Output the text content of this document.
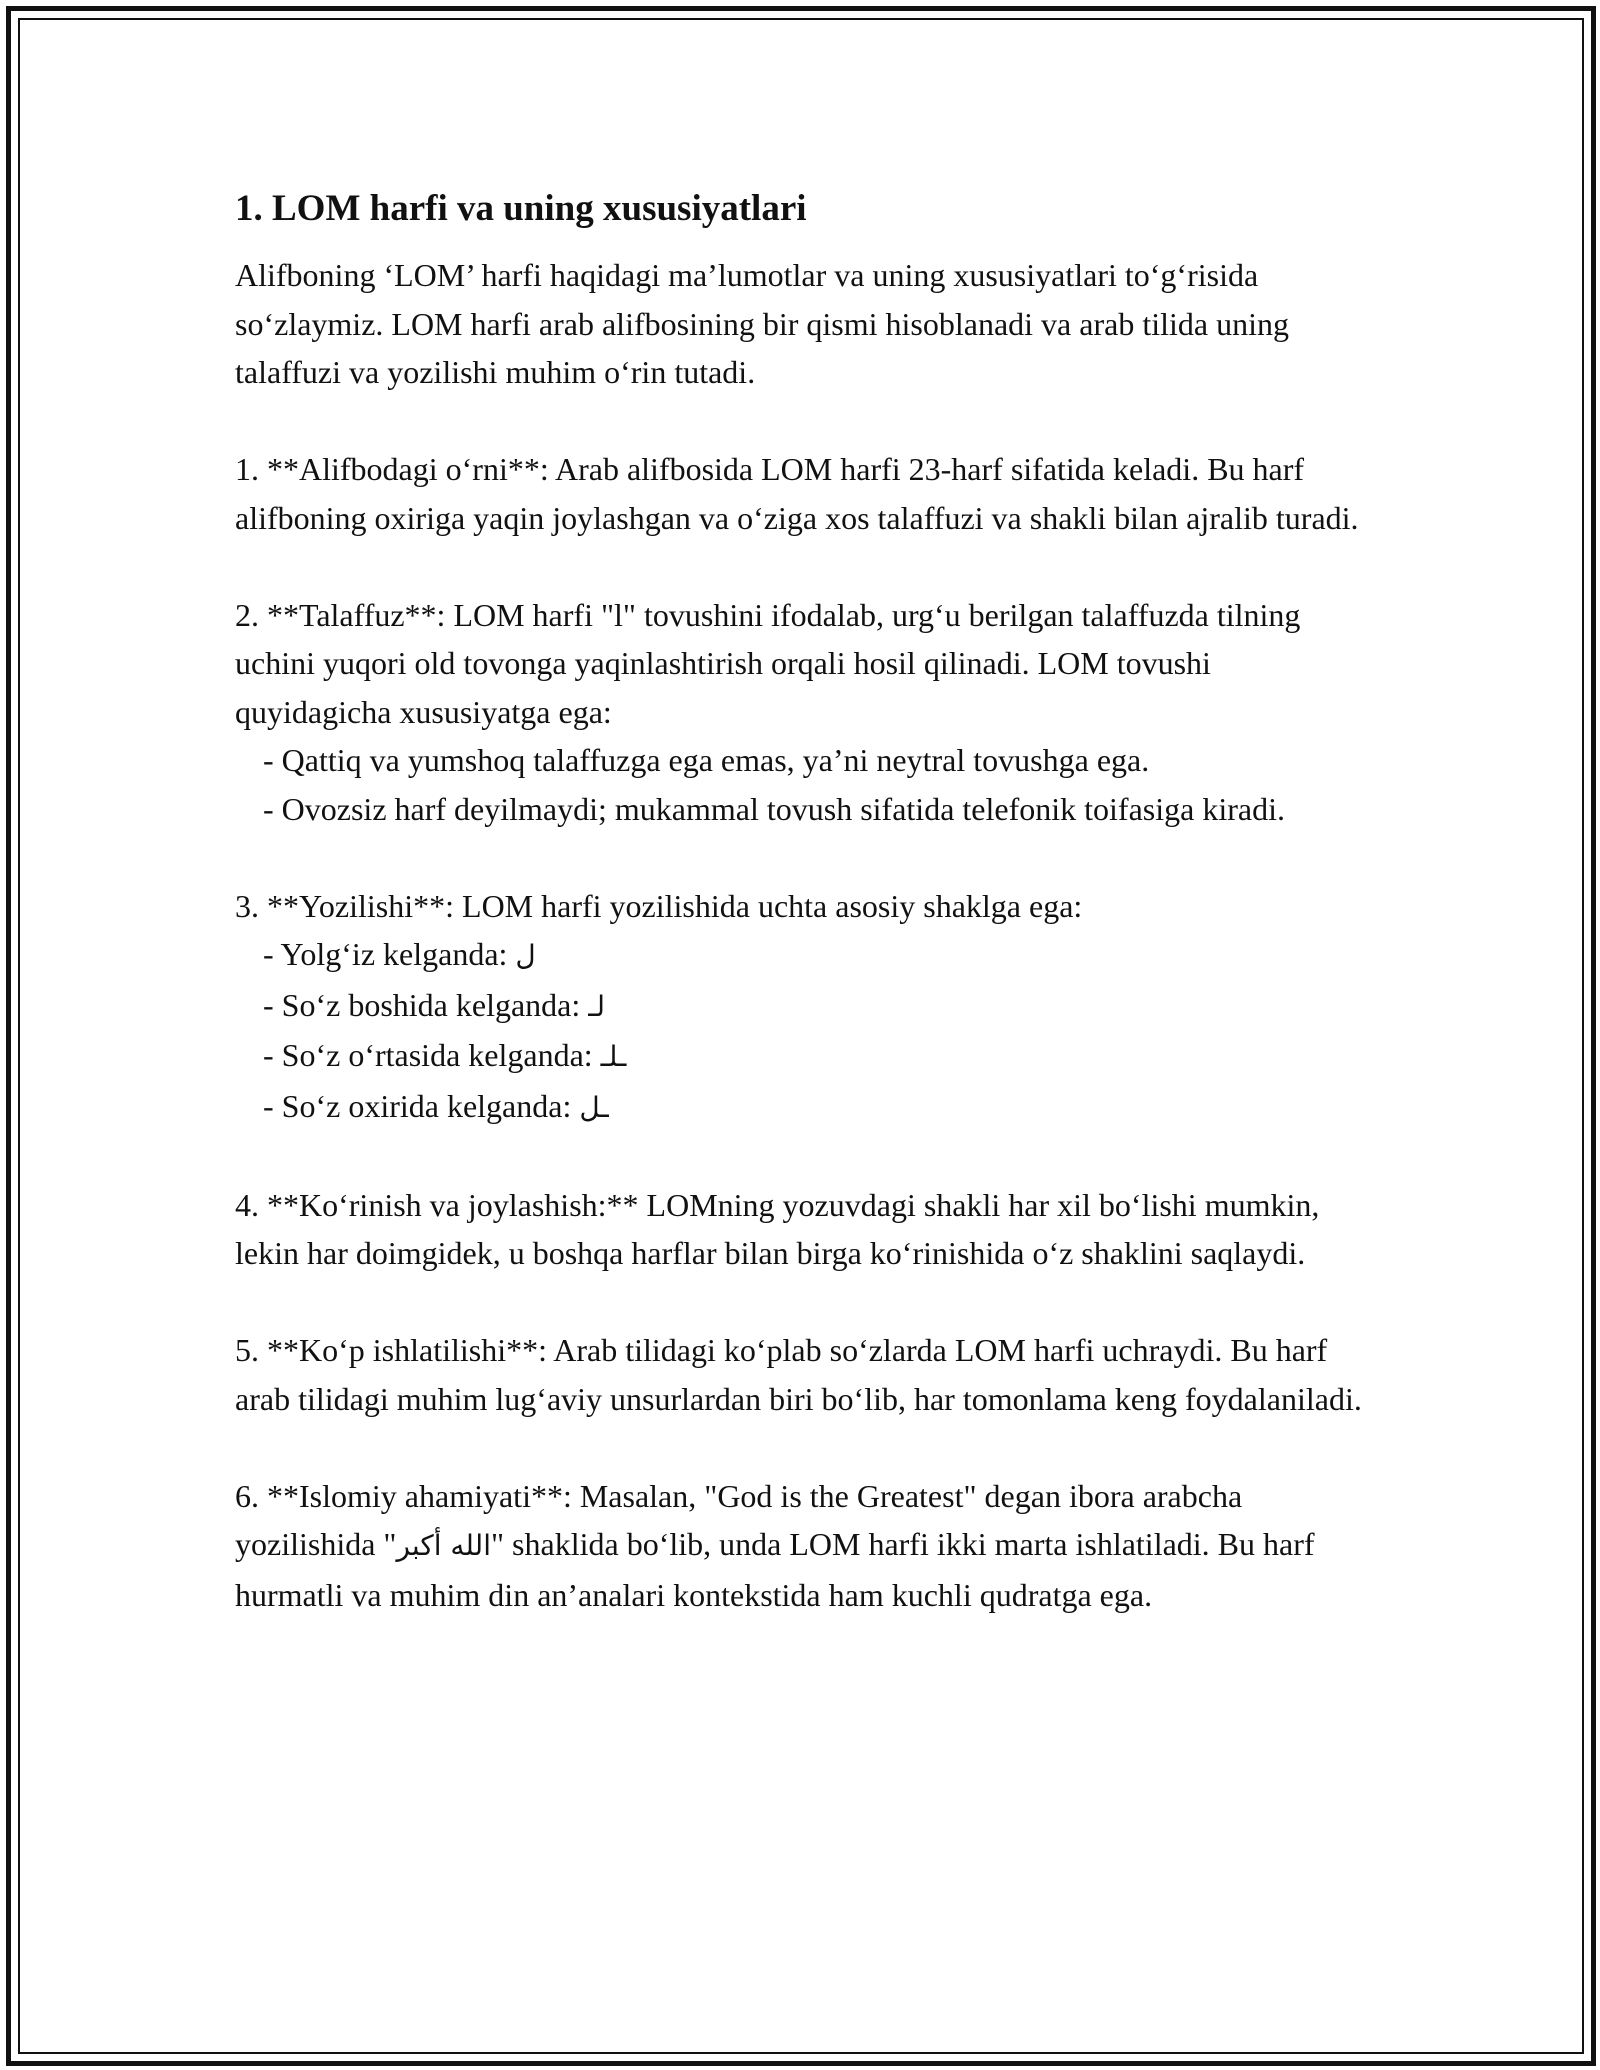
1. LOM harfi va uning xususiyatlari

Alifboning ‘LOM’ harfi haqidagi ma’lumotlar va uning xususiyatlari to‘g‘risida so‘zlaymiz. LOM harfi arab alifbosining bir qismi hisoblanadi va arab tilida uning talaffuzi va yozilishi muhim o‘rin tutadi.

1. **Alifbodagi o‘rni**: Arab alifbosida LOM harfi 23-harf sifatida keladi. Bu harf alifboning oxiriga yaqin joylashgan va o‘ziga xos talaffuzi va shakli bilan ajralib turadi.

2. **Talaffuz**: LOM harfi "l" tovushini ifodalab, urg‘u berilgan talaffuzda tilning uchini yuqori old tovonga yaqinlashtirish orqali hosil qilinadi. LOM tovushi quyidagicha xususiyatga ega:

- Qattiq va yumshoq talaffuzga ega emas, ya’ni neytral tovushga ega.

- Ovozsiz harf deyilmaydi; mukammal tovush sifatida telefonik toifasiga kiradi.

3. **Yozilishi**: LOM harfi yozilishida uchta asosiy shaklga ega:

- Yolg‘iz kelganda: ل

- So‘z boshida kelganda: لـ

- So‘z o‘rtasida kelganda: ـلـ

- So‘z oxirida kelganda: ـل

4. **Ko‘rinish va joylashish:** LOMning yozuvdagi shakli har xil bo‘lishi mumkin, lekin har doimgidek, u boshqa harflar bilan birga ko‘rinishida o‘z shaklini saqlaydi.

5. **Ko‘p ishlatilishi**: Arab tilidagi ko‘plab so‘zlarda LOM harfi uchraydi. Bu harf arab tilidagi muhim lug‘aviy unsurlardan biri bo‘lib, har tomonlama keng foydalaniladi.

6. **Islomiy ahamiyati**: Masalan, "God is the Greatest" degan ibora arabcha yozilishida "الله أكبر" shaklida bo‘lib, unda LOM harfi ikki marta ishlatiladi. Bu harf hurmatli va muhim din an’analari kontekstida ham kuchli qudratga ega.
